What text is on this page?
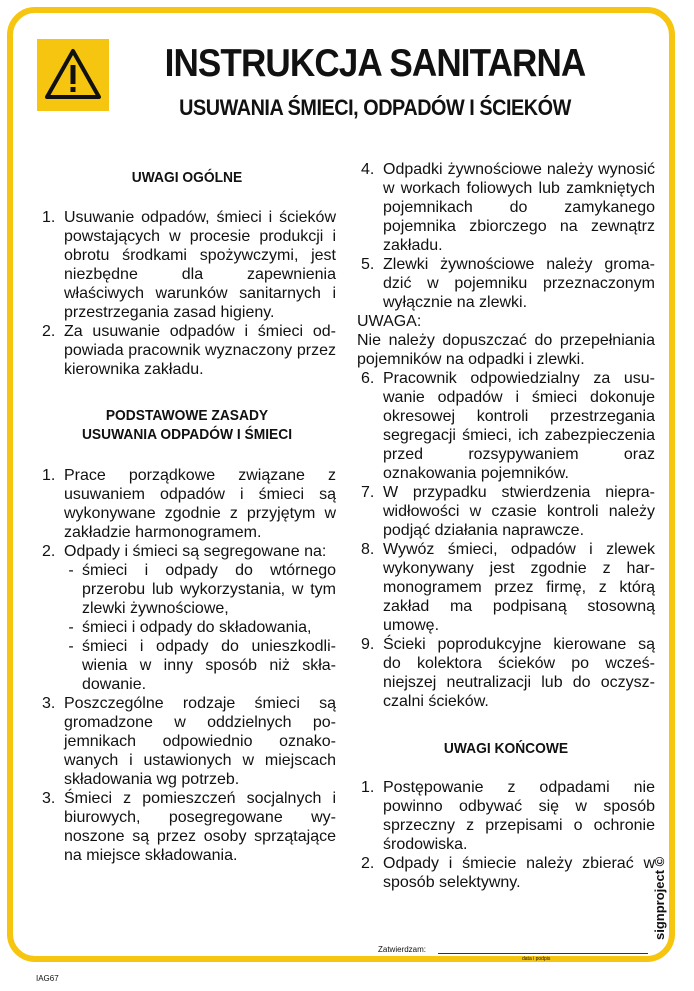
INSTRUKCJA SANITARNA
USUWANIA ŚMIECI, ODPADÓW I ŚCIEKÓW
UWAGI OGÓLNE
1. Usuwanie odpadów, śmieci i ścieków powstających w procesie produkcji i obrotu środkami spożywczymi, jest niezbędne dla zapewnienia właściwych warunków sanitarnych i przestrzegania zasad higieny.
2. Za usuwanie odpadów i śmieci odpowiada pracownik wyznaczony przez kierownika zakładu.
PODSTAWOWE ZASADY
USUWANIA ODPADÓW I ŚMIECI
1. Prace porządkowe związane z usuwaniem odpadów i śmieci są wykonywane zgodnie z przyjętym w zakładzie harmonogramem.
2. Odpady i śmieci są segregowane na:
- śmieci i odpady do wtórnego przerobu lub wykorzystania, w tym zlewki żywnościowe,
- śmieci i odpady do składowania,
- śmieci i odpady do unieszkodliwienia w inny sposób niż składowanie.
3. Poszczególne rodzaje śmieci są gromadzone w oddzielnych pojemnikach odpowiednio oznakowanych i ustawionych w miejscach składowania wg potrzeb.
3. Śmieci z pomieszczeń socjalnych i biurowych, posegregowane wynoszone są przez osoby sprzątające na miejsce składowania.
4. Odpadki żywnościowe należy wynosić w workach foliowych lub zamkniętych pojemnikach do zamykanego pojemnika zbiorczego na zewnątrz zakładu.
5. Zlewki żywnościowe należy gromadzić w pojemniku przeznaczonym wyłącznie na zlewki.
UWAGA:
Nie należy dopuszczać do przepełniania pojemników na odpadki i zlewki.
6. Pracownik odpowiedzialny za usuwanie odpadów i śmieci dokonuje okresowej kontroli przestrzegania segregacji śmieci, ich zabezpieczenia przed rozsypywaniem oraz oznakowania pojemników.
7. W przypadku stwierdzenia nieprawidłowości w czasie kontroli należy podjąć działania naprawcze.
8. Wywóz śmieci, odpadów i zlewek wykonywany jest zgodnie z harmonogramem przez firmę, z którą zakład ma podpisaną stosowną umowę.
9. Ścieki poprodukcyjne kierowane są do kolektora ścieków po wcześniejszej neutralizacji lub do oczyszczalni ścieków.
UWAGI KOŃCOWE
1. Postępowanie z odpadami nie powinno odbywać się w sposób sprzeczny z przepisami o ochronie środowiska.
2. Odpady i śmiecie należy zbierać w sposób selektywny.	signproject ©
Zatwierdzam:
data i podpis
IAG67
